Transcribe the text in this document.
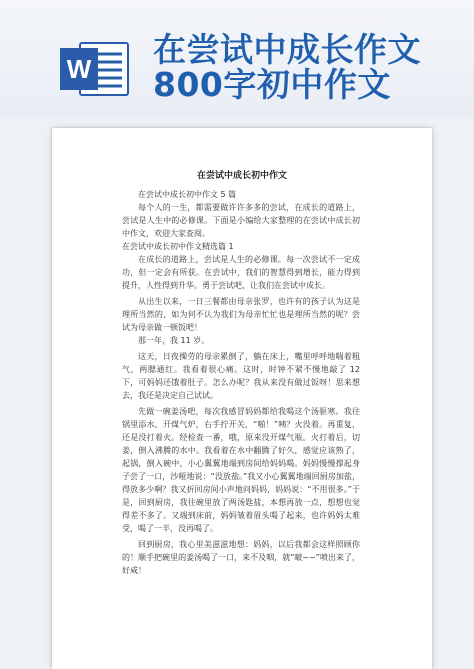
W 在尝试中成长作文
800字初中作文
在尝试中成长初中作文

在尝试中成长初中作文 5 篇

每个人的一生，都需要做许许多多的尝试，在成长的道路上，尝试是人生中的必修课。下面是小编给大家整理的在尝试中成长初中作文，欢迎大家查阅。

在尝试中成长初中作文精选篇 1

在成长的道路上，尝试是人生的必修课。每一次尝试不一定成功，但一定会有所获。在尝试中，我们的智慧得到增长，能力得到提升，人性得到升华。勇于尝试吧，让我们在尝试中成长。

从出生以来，一日三餐都由母亲张罗，也许有的孩子认为这是理所当然的，如为何不认为我们为母亲忙忙也是理所当然的呢？尝试为母亲做一顿饭吧！

那一年，我 11 岁。

这天，日夜操劳的母亲累倒了，躺在床上，嘴里呼呼地喘着粗气，两腮通红。我看着很心痛。这时，时钟不紧不慢地敲了 12 下，可妈妈还饿着肚子。怎么办呢？我从来没有做过饭呀！思来想去，我还是决定自己试试。

先做一碗姜汤吧，每次我感冒妈妈都给我喝这个汤驱寒。我往锅里添水，开煤气炉，右手拧开关，“啪！”咦？火没着。再重复，还是没打着火。经检查一番，哦，原来没开煤气瓶。火打着后，切姜，倒入沸腾的水中。我看着在水中翻腾了好久，感觉应该熟了，起锅，倒入碗中，小心翼翼地端到房间给妈妈喝。妈妈慢慢撑起身子尝了一口，沙哑地说：“没放盐。”我又小心翼翼地端回厨房加盐，得放多少啊？我又折回房间小声地问妈妈，妈妈说：“不用很多。”于是，回到厨房，我往碗里放了两汤匙盐，本想再放一点，想想也觉得差不多了。又端到床前，妈妈皱着眉头喝了起来，也许妈妈太难受，喝了一半，没再喝了。

回到厨房，我心里美滋滋地想：妈妈，以后我都会这样照顾你的！顺手把碗里的姜汤喝了一口，来不及咽，就“啵~~”喷出来了，好咸！
